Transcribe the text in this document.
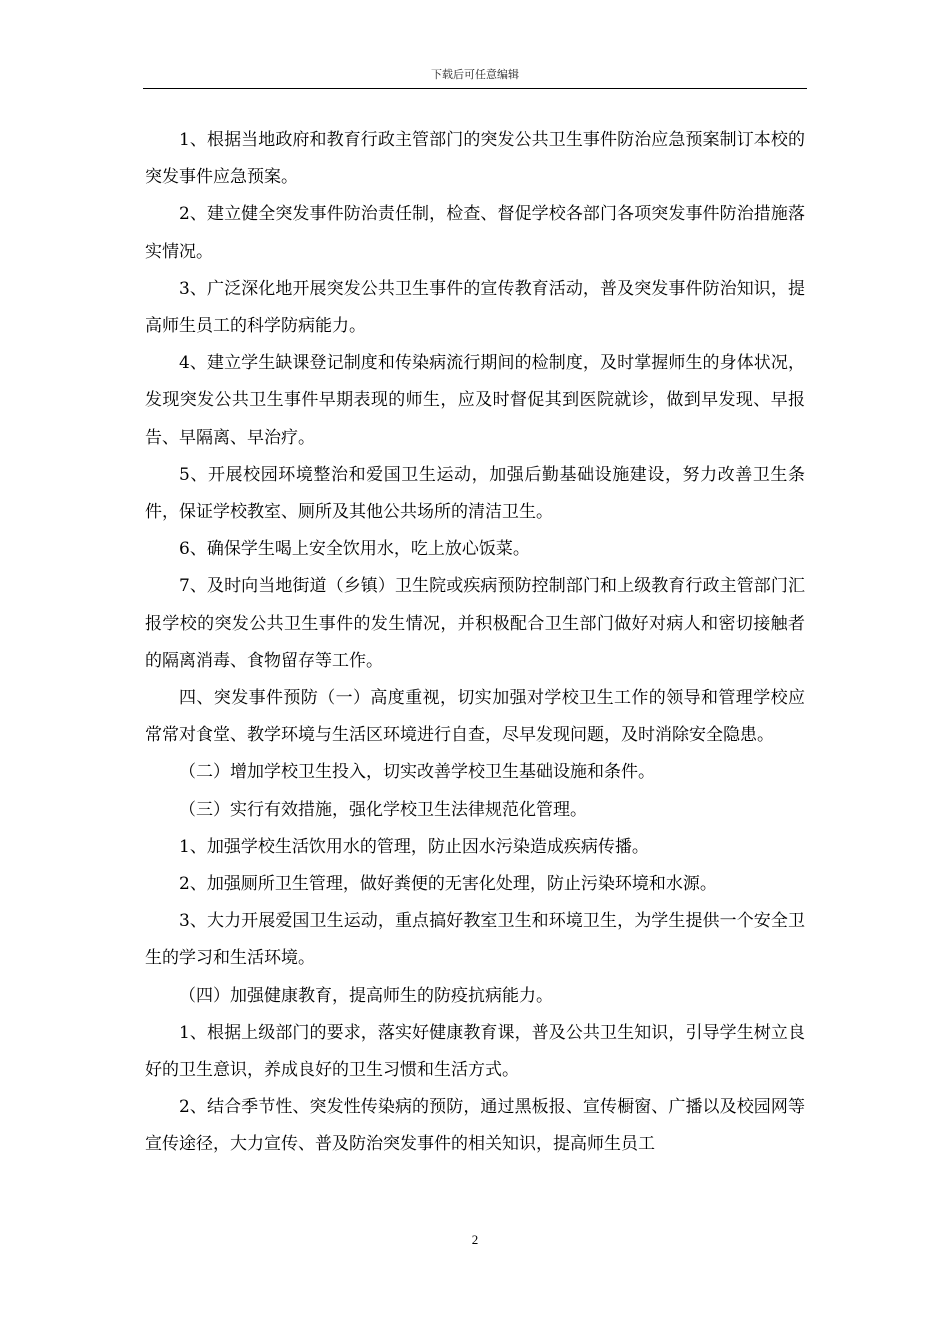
下载后可任意编辑

1、根据当地政府和教育行政主管部门的突发公共卫生事件防治应急预案制订本校的突发事件应急预案。

2、建立健全突发事件防治责任制，检查、督促学校各部门各项突发事件防治措施落实情况。

3、广泛深化地开展突发公共卫生事件的宣传教育活动，普及突发事件防治知识，提高师生员工的科学防病能力。

4、建立学生缺课登记制度和传染病流行期间的检制度，及时掌握师生的身体状况，发现突发公共卫生事件早期表现的师生，应及时督促其到医院就诊，做到早发现、早报告、早隔离、早治疗。

5、开展校园环境整治和爱国卫生运动，加强后勤基础设施建设，努力改善卫生条件，保证学校教室、厕所及其他公共场所的清洁卫生。

6、确保学生喝上安全饮用水，吃上放心饭菜。

7、及时向当地街道（乡镇）卫生院或疾病预防控制部门和上级教育行政主管部门汇报学校的突发公共卫生事件的发生情况，并积极配合卫生部门做好对病人和密切接触者的隔离消毒、食物留存等工作。

四、突发事件预防（一）高度重视，切实加强对学校卫生工作的领导和管理学校应常常对食堂、教学环境与生活区环境进行自查，尽早发现问题，及时消除安全隐患。

（二）增加学校卫生投入，切实改善学校卫生基础设施和条件。

（三）实行有效措施，强化学校卫生法律规范化管理。

1、加强学校生活饮用水的管理，防止因水污染造成疾病传播。

2、加强厕所卫生管理，做好粪便的无害化处理，防止污染环境和水源。

3、大力开展爱国卫生运动，重点搞好教室卫生和环境卫生，为学生提供一个安全卫生的学习和生活环境。

（四）加强健康教育，提高师生的防疫抗病能力。

1、根据上级部门的要求，落实好健康教育课，普及公共卫生知识，引导学生树立良好的卫生意识，养成良好的卫生习惯和生活方式。

2、结合季节性、突发性传染病的预防，通过黑板报、宣传橱窗、广播以及校园网等宣传途径，大力宣传、普及防治突发事件的相关知识，提高师生员工

2
